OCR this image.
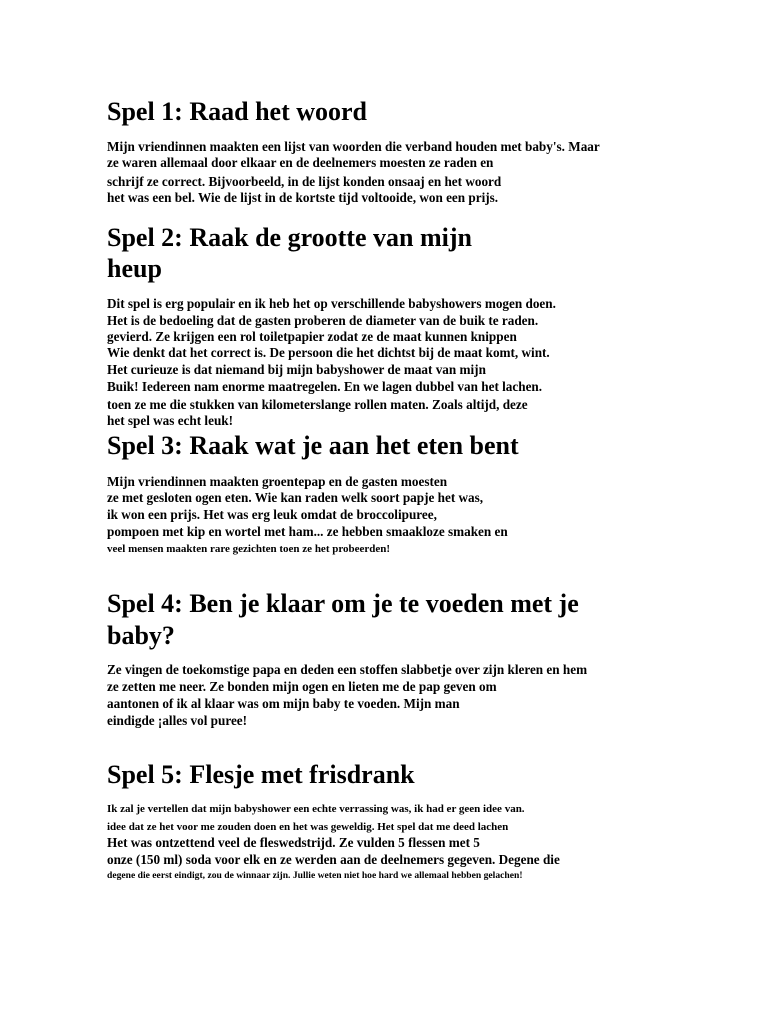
Spel 1: Raad het woord

Mijn vriendinnen maakten een lijst van woorden die verband houden met baby's. Maar

ze waren allemaal door elkaar en de deelnemers moesten ze raden en

schrijf ze correct. Bijvoorbeeld, in de lijst konden onsaaj en het woord

het was een bel. Wie de lijst in de kortste tijd voltooide, won een prijs.

Spel 2: Raak de grootte van mijn
heup

Dit spel is erg populair en ik heb het op verschillende babyshowers mogen doen.

Het is de bedoeling dat de gasten proberen de diameter van de buik te raden.

gevierd. Ze krijgen een rol toiletpapier zodat ze de maat kunnen knippen

Wie denkt dat het correct is. De persoon die het dichtst bij de maat komt, wint.

Het curieuze is dat niemand bij mijn babyshower de maat van mijn

Buik! Iedereen nam enorme maatregelen. En we lagen dubbel van het lachen.

toen ze me die stukken van kilometerslange rollen maten. Zoals altijd, deze

het spel was echt leuk!

Spel 3: Raak wat je aan het eten bent

Mijn vriendinnen maakten groentepap en de gasten moesten

ze met gesloten ogen eten. Wie kan raden welk soort papje het was,

ik won een prijs. Het was erg leuk omdat de broccolipuree,

pompoen met kip en wortel met ham... ze hebben smaakloze smaken en

veel mensen maakten rare gezichten toen ze het probeerden!

Spel 4: Ben je klaar om je te voeden met je
baby?

Ze vingen de toekomstige papa en deden een stoffen slabbetje over zijn kleren en hem

ze zetten me neer. Ze bonden mijn ogen en lieten me de pap geven om

aantonen of ik al klaar was om mijn baby te voeden. Mijn man

eindigde ¡alles vol puree!

Spel 5: Flesje met frisdrank

Ik zal je vertellen dat mijn babyshower een echte verrassing was, ik had er geen idee van.

idee dat ze het voor me zouden doen en het was geweldig. Het spel dat me deed lachen

Het was ontzettend veel de fleswedstrijd. Ze vulden 5 flessen met 5

onze (150 ml) soda voor elk en ze werden aan de deelnemers gegeven. Degene die

degene die eerst eindigt, zou de winnaar zijn. Jullie weten niet hoe hard we allemaal hebben gelachen!
